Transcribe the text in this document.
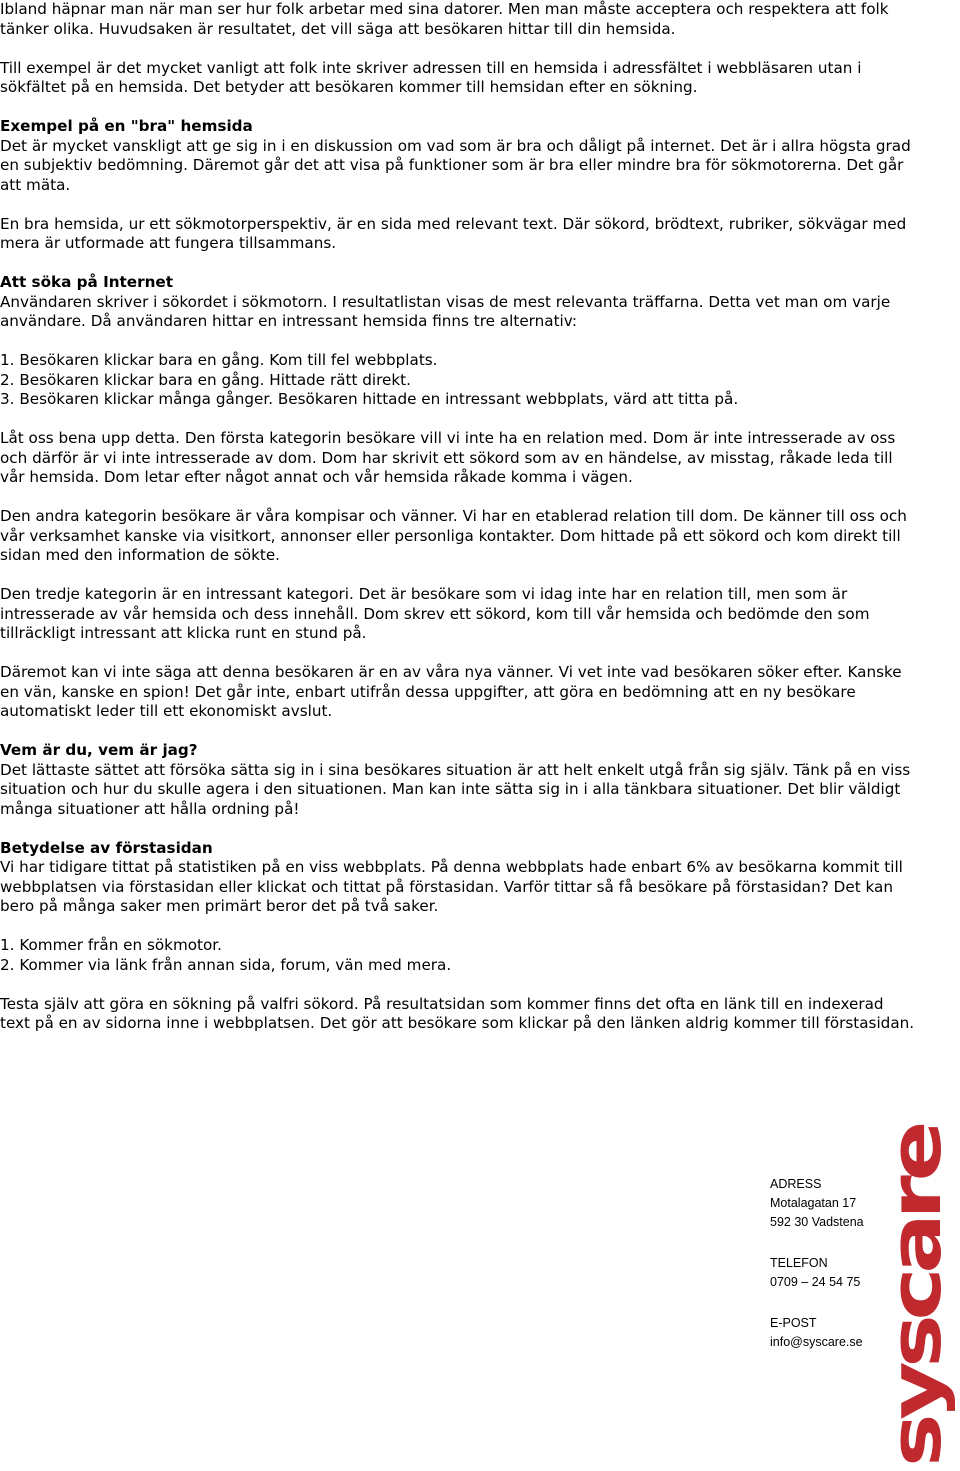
Ibland häpnar man när man ser hur folk arbetar med sina datorer. Men man måste acceptera och respektera att folk tänker olika. Huvudsaken är resultatet, det vill säga att besökaren hittar till din hemsida.

Till exempel är det mycket vanligt att folk inte skriver adressen till en hemsida i adressfältet i webbläsaren utan i sökfältet på en hemsida. Det betyder att besökaren kommer till hemsidan efter en sökning.

Exempel på en "bra" hemsida
Det är mycket vanskligt att ge sig in i en diskussion om vad som är bra och dåligt på internet. Det är i allra högsta grad en subjektiv bedömning. Däremot går det att visa på funktioner som är bra eller mindre bra för sökmotorerna. Det går att mäta.

En bra hemsida, ur ett sökmotorperspektiv, är en sida med relevant text. Där sökord, brödtext, rubriker, sökvägar med mera är utformade att fungera tillsammans.

Att söka på Internet
Användaren skriver i sökordet i sökmotorn. I resultatlistan visas de mest relevanta träffarna. Detta vet man om varje användare. Då användaren hittar en intressant hemsida finns tre alternativ:

1. Besökaren klickar bara en gång. Kom till fel webbplats.
2. Besökaren klickar bara en gång. Hittade rätt direkt.
3. Besökaren klickar många gånger. Besökaren hittade en intressant webbplats, värd att titta på.

Låt oss bena upp detta. Den första kategorin besökare vill vi inte ha en relation med. Dom är inte intresserade av oss och därför är vi inte intresserade av dom. Dom har skrivit ett sökord som av en händelse, av misstag, råkade leda till vår hemsida. Dom letar efter något annat och vår hemsida råkade komma i vägen.

Den andra kategorin besökare är våra kompisar och vänner. Vi har en etablerad relation till dom. De känner till oss och vår verksamhet kanske via visitkort, annonser eller personliga kontakter. Dom hittade på ett sökord och kom direkt till sidan med den information de sökte.

Den tredje kategorin är en intressant kategori. Det är besökare som vi idag inte har en relation till, men som är intresserade av vår hemsida och dess innehåll. Dom skrev ett sökord, kom till vår hemsida och bedömde den som tillräckligt intressant att klicka runt en stund på.

Däremot kan vi inte säga att denna besökaren är en av våra nya vänner. Vi vet inte vad besökaren söker efter. Kanske en vän, kanske en spion! Det går inte, enbart utifrån dessa uppgifter, att göra en bedömning att en ny besökare automatiskt leder till ett ekonomiskt avslut.

Vem är du, vem är jag?
Det lättaste sättet att försöka sätta sig in i sina besökares situation är att helt enkelt utgå från sig själv. Tänk på en viss situation och hur du skulle agera i den situationen. Man kan inte sätta sig in i alla tänkbara situationer. Det blir väldigt många situationer att hålla ordning på!

Betydelse av förstasidan
Vi har tidigare tittat på statistiken på en viss webbplats. På denna webbplats hade enbart 6% av besökarna kommit till webbplatsen via förstasidan eller klickat och tittat på förstasidan. Varför tittar så få besökare på förstasidan? Det kan bero på många saker men primärt beror det på två saker.

1. Kommer från en sökmotor.
2. Kommer via länk från annan sida, forum, vän med mera.

Testa själv att göra en sökning på valfri sökord. På resultatsidan som kommer finns det ofta en länk till en indexerad text på en av sidorna inne i webbplatsen. Det gör att besökare som klickar på den länken aldrig kommer till förstasidan.

ADRESS
Motalagatan 17
592 30 Vadstena
TELEFON
0709 – 24 54 75
E-POST
info@syscare.se syscare
